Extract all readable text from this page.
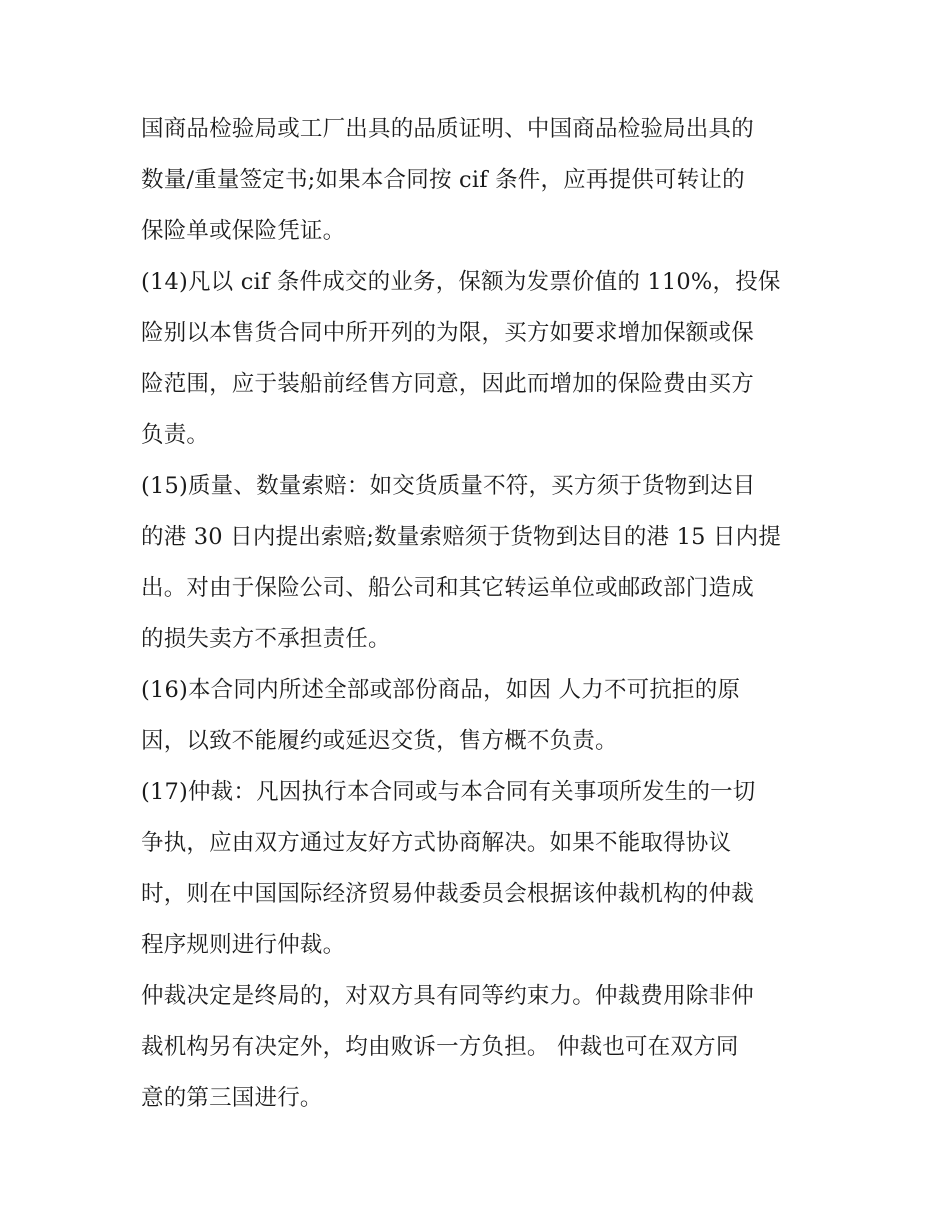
国商品检验局或工厂出具的品质证明、中国商品检验局出具的
数量/重量签定书;如果本合同按 cif 条件，应再提供可转让的
保险单或保险凭证。
(14)凡以 cif 条件成交的业务，保额为发票价值的 110%，投保
险别以本售货合同中所开列的为限，买方如要求增加保额或保
险范围，应于装船前经售方同意，因此而增加的保险费由买方
负责。
(15)质量、数量索赔：如交货质量不符，买方须于货物到达目
的港 30 日内提出索赔;数量索赔须于货物到达目的港 15 日内提
出。对由于保险公司、船公司和其它转运单位或邮政部门造成
的损失卖方不承担责任。
(16)本合同内所述全部或部份商品，如因 人力不可抗拒的原
因，以致不能履约或延迟交货，售方概不负责。
(17)仲裁：凡因执行本合同或与本合同有关事项所发生的一切
争执，应由双方通过友好方式协商解决。如果不能取得协议
时，则在中国国际经济贸易仲裁委员会根据该仲裁机构的仲裁
程序规则进行仲裁。
仲裁决定是终局的，对双方具有同等约束力。仲裁费用除非仲
裁机构另有决定外，均由败诉一方负担。 仲裁也可在双方同
意的第三国进行。
